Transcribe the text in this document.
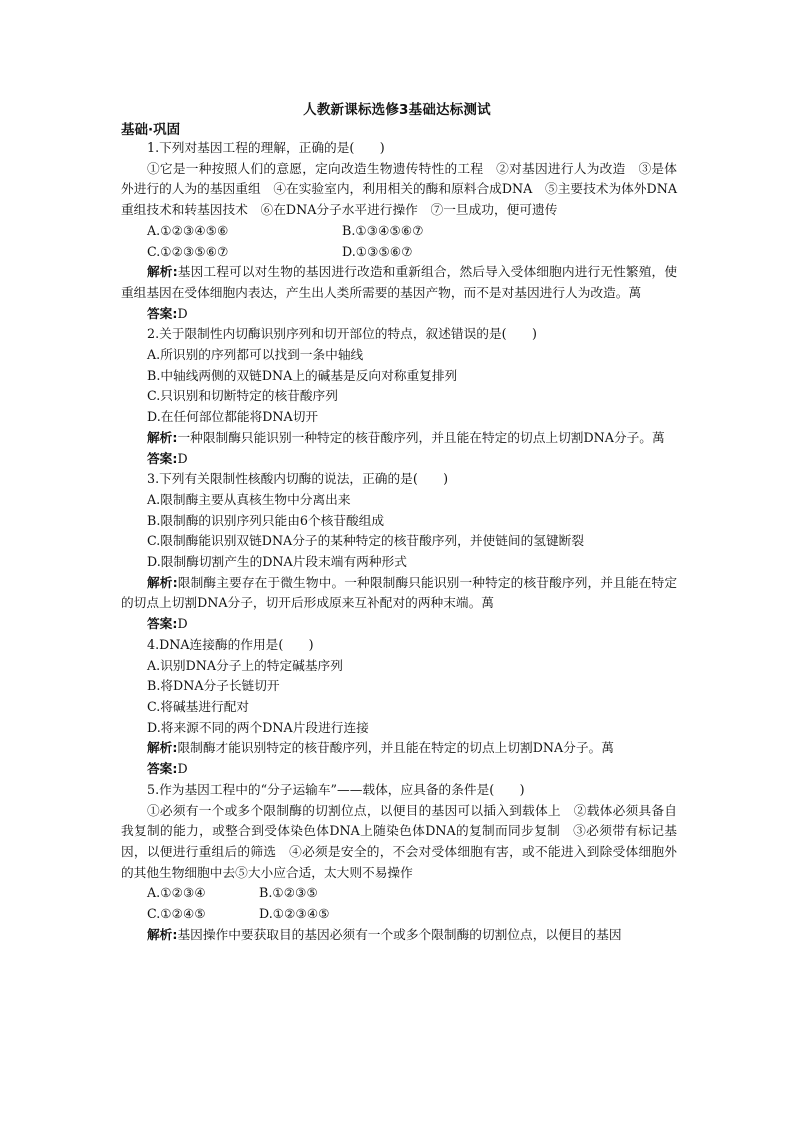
人教新课标选修3基础达标测试
基础·巩固

1.下列对基因工程的理解，正确的是(　　)

①它是一种按照人们的意愿，定向改造生物遗传特性的工程　②对基因进行人为改造　③是体外进行的人为的基因重组　④在实验室内，利用相关的酶和原料合成DNA　⑤主要技术为体外DNA重组技术和转基因技术　⑥在DNA分子水平进行操作　⑦一旦成功，便可遗传

A.①②③④⑤⑥	B.①③④⑤⑥⑦
C.①②③⑤⑥⑦	D.①③⑤⑥⑦

解析:基因工程可以对生物的基因进行改造和重新组合，然后导入受体细胞内进行无性繁殖，使重组基因在受体细胞内表达，产生出人类所需要的基因产物，而不是对基因进行人为改造。萬

答案:D

2.关于限制性内切酶识别序列和切开部位的特点，叙述错误的是(　　)

A.所识别的序列都可以找到一条中轴线

B.中轴线两侧的双链DNA上的碱基是反向对称重复排列

C.只识别和切断特定的核苷酸序列

D.在任何部位都能将DNA切开

解析:一种限制酶只能识别一种特定的核苷酸序列，并且能在特定的切点上切割DNA分子。萬

答案:D

3.下列有关限制性核酸内切酶的说法，正确的是(　　)

A.限制酶主要从真核生物中分离出来

B.限制酶的识别序列只能由6个核苷酸组成

C.限制酶能识别双链DNA分子的某种特定的核苷酸序列，并使链间的氢键断裂

D.限制酶切割产生的DNA片段末端有两种形式

解析:限制酶主要存在于微生物中。一种限制酶只能识别一种特定的核苷酸序列，并且能在特定的切点上切割DNA分子，切开后形成原来互补配对的两种末端。萬

答案:D

4.DNA连接酶的作用是(　　)

A.识别DNA分子上的特定碱基序列

B.将DNA分子长链切开

C.将碱基进行配对

D.将来源不同的两个DNA片段进行连接

解析:限制酶才能识别特定的核苷酸序列，并且能在特定的切点上切割DNA分子。萬

答案:D

5.作为基因工程中的“分子运输车”——载体，应具备的条件是(　　)

①必须有一个或多个限制酶的切割位点，以便目的基因可以插入到载体上　②载体必须具备自我复制的能力，或整合到受体染色体DNA上随染色体DNA的复制而同步复制　③必须带有标记基因，以便进行重组后的筛选　④必须是安全的，不会对受体细胞有害，或不能进入到除受体细胞外的其他生物细胞中去⑤大小应合适，太大则不易操作

A.①②③④	B.①②③⑤
C.①②④⑤	D.①②③④⑤

解析:基因操作中要获取目的基因必须有一个或多个限制酶的切割位点，以便目的基因
